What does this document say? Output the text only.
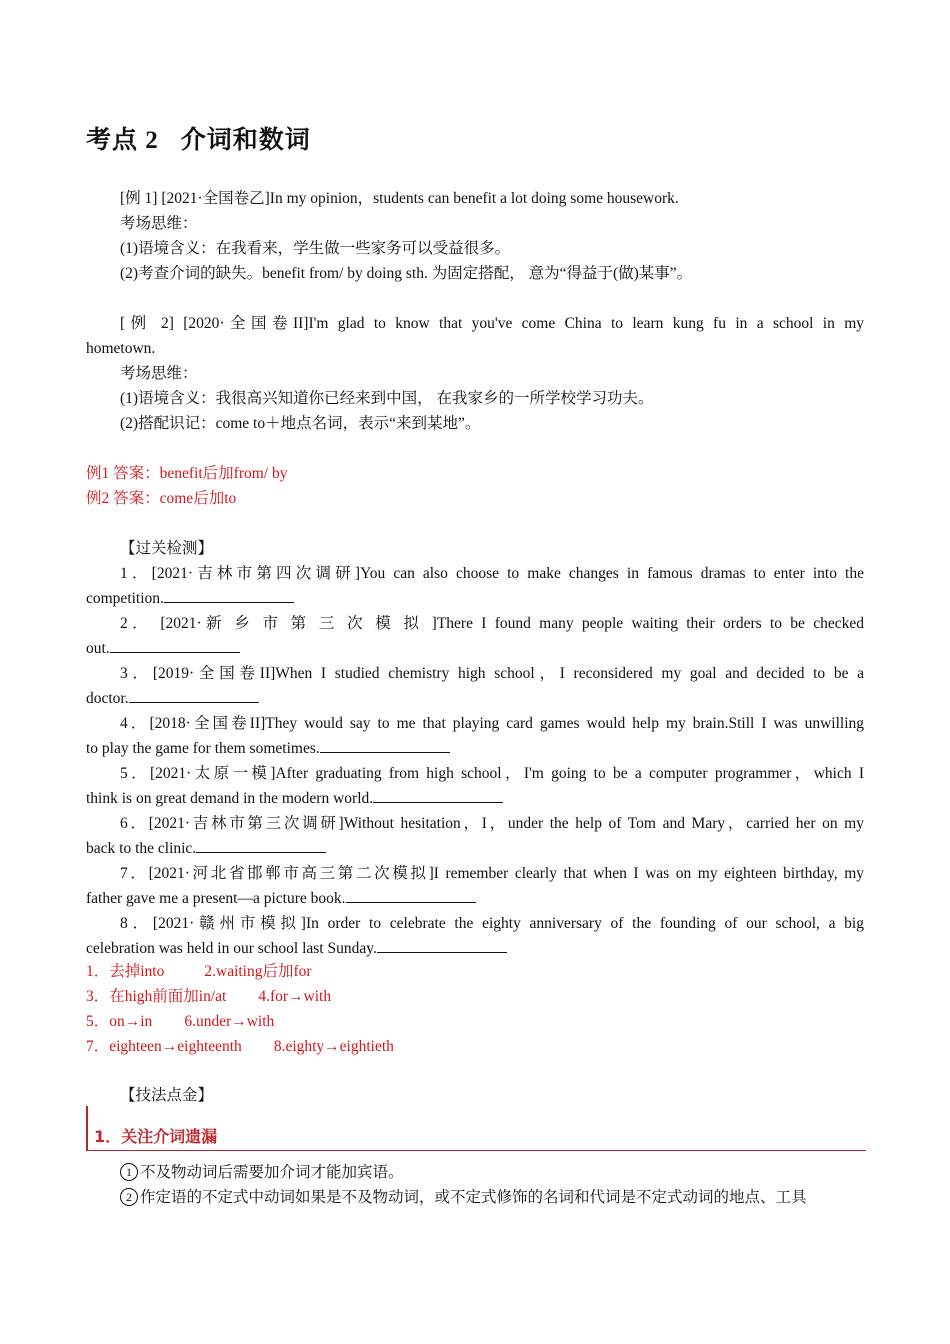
考点 2 介词和数词
[例 1] [2021·全国卷乙]In my opinion，students can benefit a lot doing some housework.
考场思维：
(1)语境含义：在我看来，学生做一些家务可以受益很多。
(2)考查介词的缺失。benefit from/ by doing sth. 为固定搭配， 意为“得益于(做)某事”。
[例 2] [2020·全国卷II]I'm glad to know that you've come China to learn kung fu in a school in my
hometown.
考场思维：
(1)语境含义：我很高兴知道你已经来到中国， 在我家乡的一所学校学习功夫。
(2)搭配识记：come to＋地点名词，表示“来到某地”。
例1 答案：benefit后加from/ by
例2 答案：come后加to
【过关检测】
1．[2021·吉林市第四次调研]You can also choose to make changes in famous dramas to enter into the
competition.
2． [2021·新 乡 市 第 三 次 模 拟 ]There I found many people waiting their orders to be checked
out.
3．[2019·全国卷II]When I studied chemistry high school，I reconsidered my goal and decided to be a
doctor.
4．[2018·全国卷II]They would say to me that playing card games would help my brain.Still I was unwilling
to play the game for them sometimes.
5．[2021·太原一模]After graduating from high school，I'm going to be a computer programmer，which I
think is on great demand in the modern world.
6．[2021·吉林市第三次调研]Without hesitation，I，under the help of Tom and Mary，carried her on my
back to the clinic.
7．[2021·河北省邯郸市高三第二次模拟]I remember clearly that when I was on my eighteen birthday, my
father gave me a present—a picture book.
8．[2021·赣州市模拟]In order to celebrate the eighty anniversary of the founding of our school, a big
celebration was held in our school last Sunday.
1．去掉into	2.waiting后加for
3．在high前面加in/at 4.for→with
5．on→in 6.under→with
7．eighteen→eighteenth 8.eighty→eightieth
【技法点金】
1．关注介词遗漏
1 不及物动词后需要加介词才能加宾语。
2 作定语的不定式中动词如果是不及物动词，或不定式修饰的名词和代词是不定式动词的地点、工具
